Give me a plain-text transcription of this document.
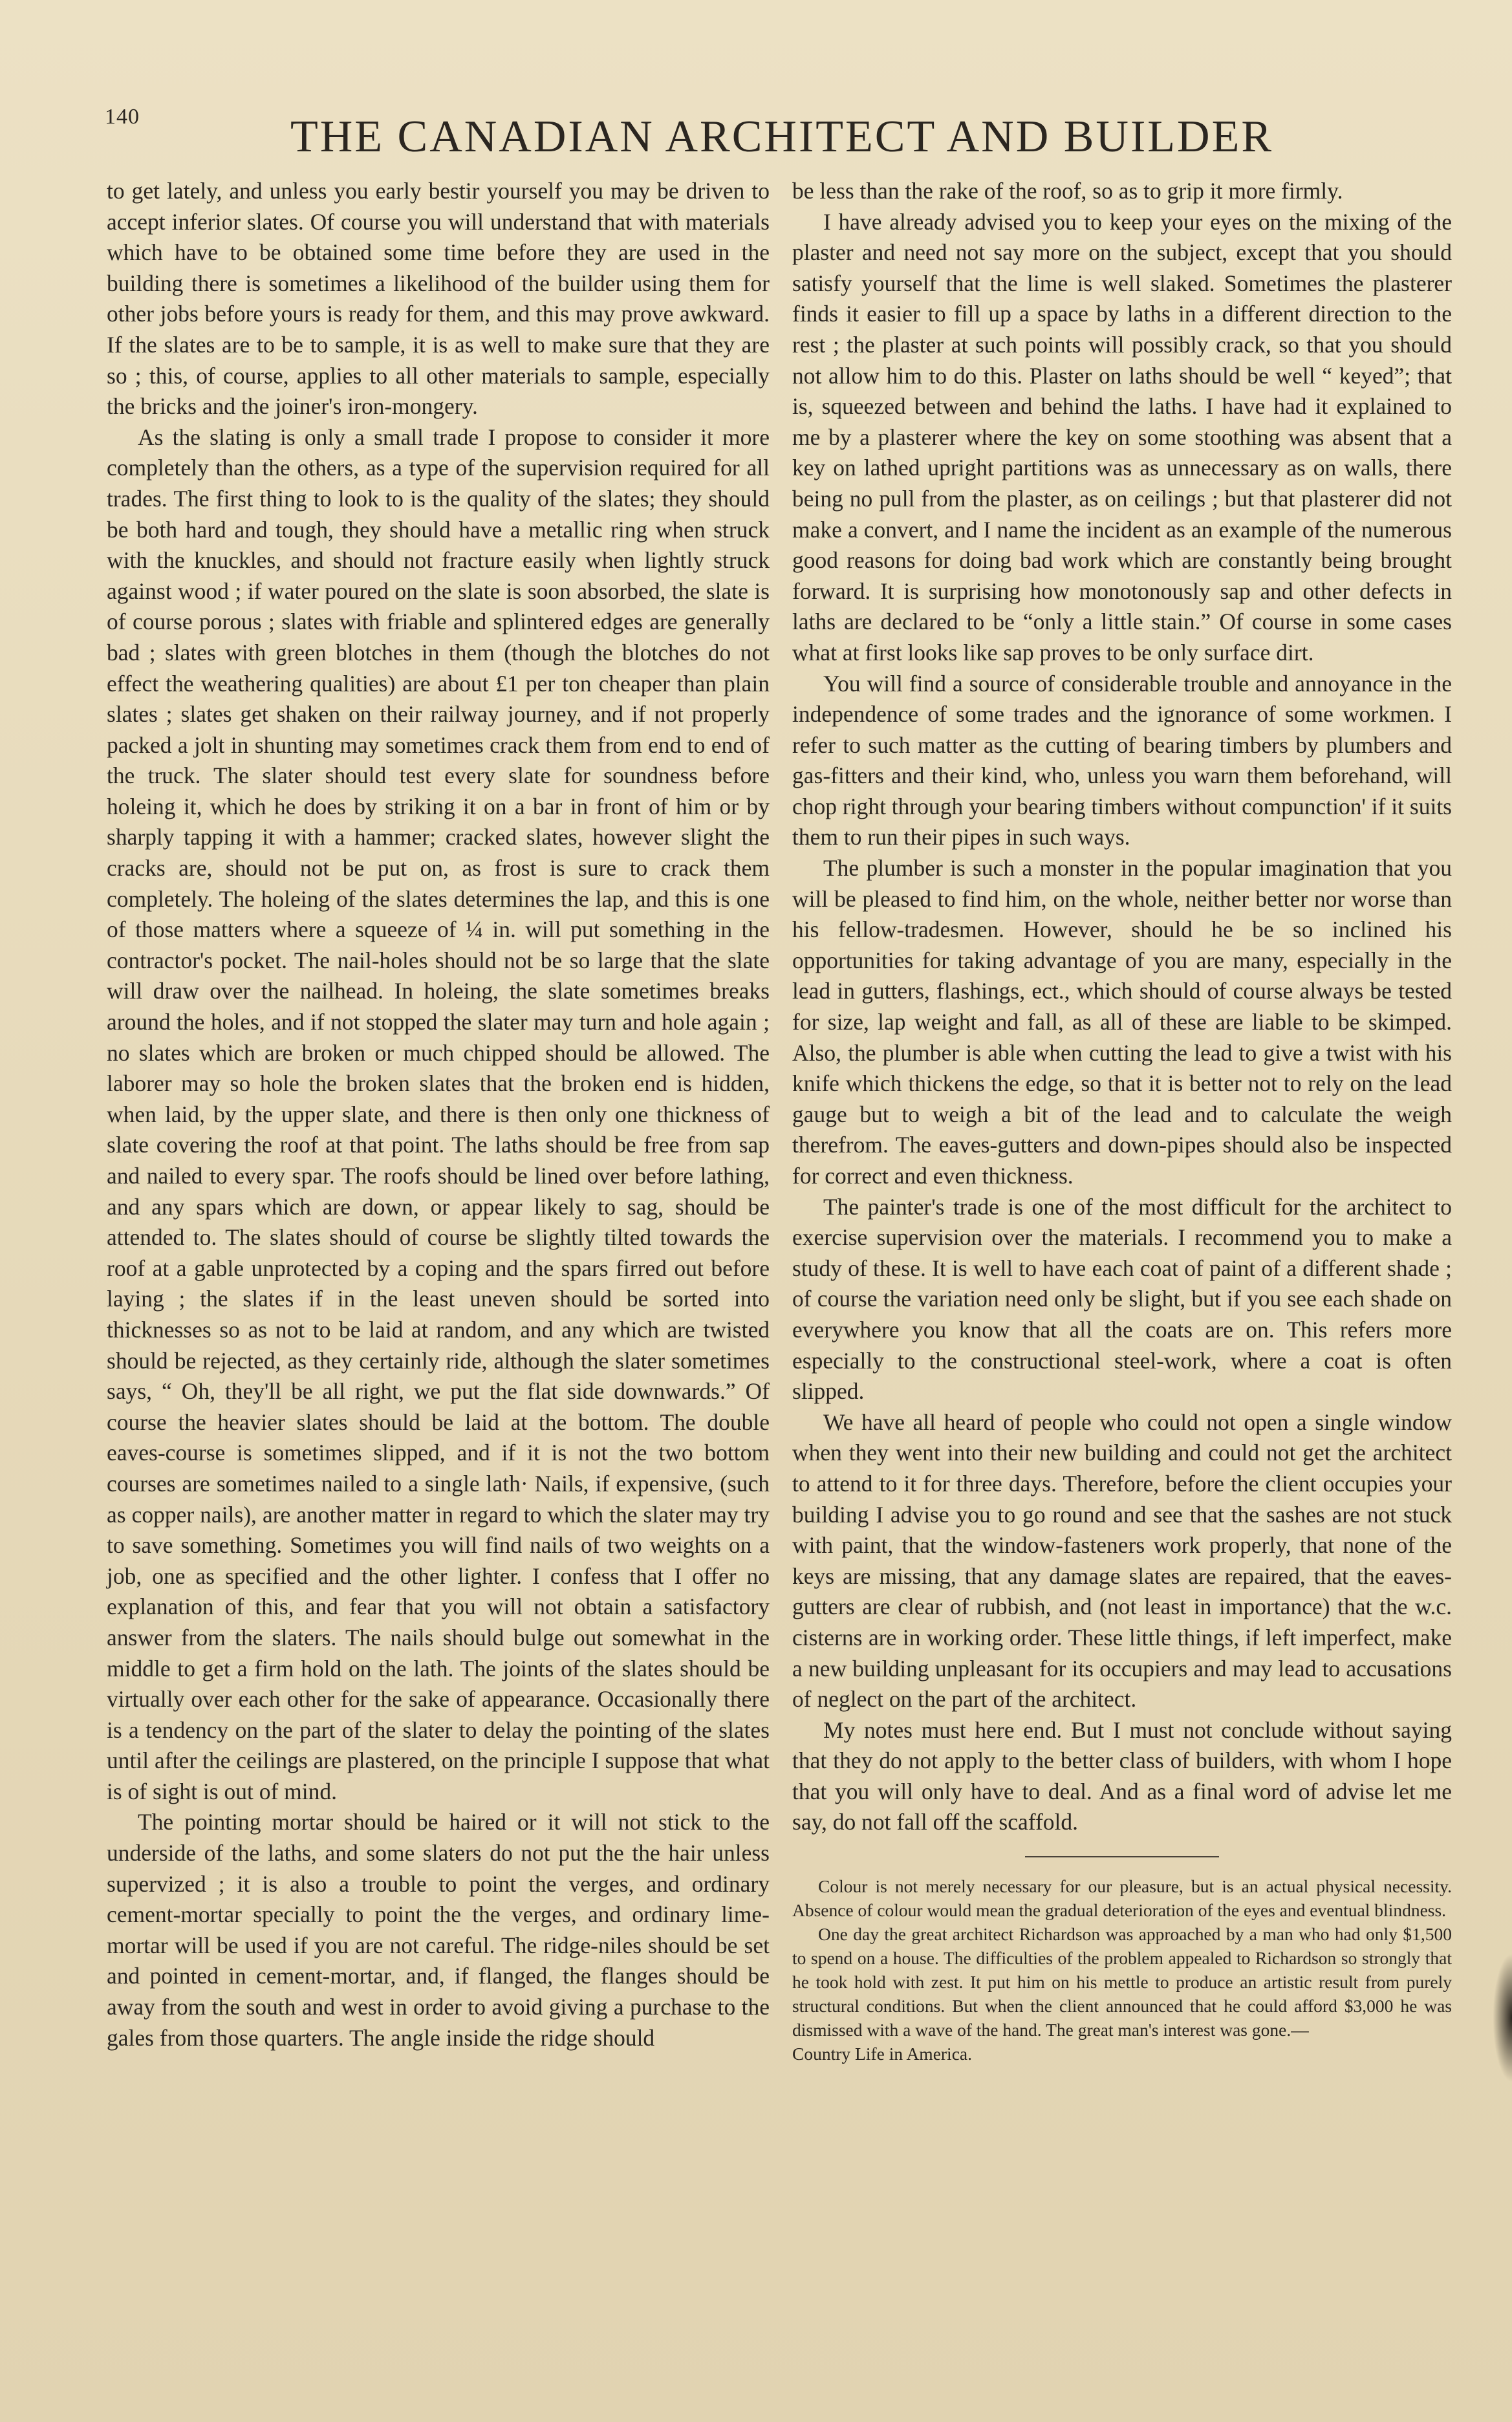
140	THE CANADIAN ARCHITECT AND BUILDER

to get lately, and unless you early bestir yourself you may be driven to accept inferior slates. Of course you will understand that with materials which have to be obtained some time before they are used in the building there is sometimes a likelihood of the builder using them for other jobs before yours is ready for them, and this may prove awkward. If the slates are to be to sample, it is as well to make sure that they are so ; this, of course, applies to all other materials to sample, especially the bricks and the joiner's iron-mongery.

As the slating is only a small trade I propose to consider it more completely than the others, as a type of the supervision required for all trades. The first thing to look to is the quality of the slates; they should be both hard and tough, they should have a metallic ring when struck with the knuckles, and should not fracture easily when lightly struck against wood ; if water poured on the slate is soon absorbed, the slate is of course porous ; slates with friable and splintered edges are generally bad ; slates with green blotches in them (though the blotches do not effect the weathering qualities) are about £1 per ton cheaper than plain slates ; slates get shaken on their railway journey, and if not properly packed a jolt in shunting may sometimes crack them from end to end of the truck. The slater should test every slate for soundness before holeing it, which he does by striking it on a bar in front of him or by sharply tapping it with a hammer; cracked slates, however slight the cracks are, should not be put on, as frost is sure to crack them completely. The holeing of the slates determines the lap, and this is one of those matters where a squeeze of ¼ in. will put something in the contractor's pocket. The nail-holes should not be so large that the slate will draw over the nailhead. In holeing, the slate sometimes breaks around the holes, and if not stopped the slater may turn and hole again ; no slates which are broken or much chipped should be allowed. The laborer may so hole the broken slates that the broken end is hidden, when laid, by the upper slate, and there is then only one thickness of slate covering the roof at that point. The laths should be free from sap and nailed to every spar. The roofs should be lined over before lathing, and any spars which are down, or appear likely to sag, should be attended to. The slates should of course be slightly tilted towards the roof at a gable unprotected by a coping and the spars firred out before laying ; the slates if in the least uneven should be sorted into thicknesses so as not to be laid at random, and any which are twisted should be rejected, as they certainly ride, although the slater sometimes says, “ Oh, they'll be all right, we put the flat side downwards.” Of course the heavier slates should be laid at the bottom. The double eaves-course is sometimes slipped, and if it is not the two bottom courses are sometimes nailed to a single lath· Nails, if expensive, (such as copper nails), are another matter in regard to which the slater may try to save something. Sometimes you will find nails of two weights on a job, one as specified and the other lighter. I confess that I offer no explanation of this, and fear that you will not obtain a satisfactory answer from the slaters. The nails should bulge out somewhat in the middle to get a firm hold on the lath. The joints of the slates should be virtually over each other for the sake of appearance. Occasionally there is a tendency on the part of the slater to delay the pointing of the slates until after the ceilings are plastered, on the principle I suppose that what is of sight is out of mind.

The pointing mortar should be haired or it will not stick to the underside of the laths, and some slaters do not put the the hair unless supervized ; it is also a trouble to point the verges, and ordinary cement-mortar specially to point the the verges, and ordinary lime-mortar will be used if you are not careful. The ridge-niles should be set and pointed in cement-mortar, and, if flanged, the flanges should be away from the south and west in order to avoid giving a purchase to the gales from those quarters. The angle inside the ridge should

be less than the rake of the roof, so as to grip it more firmly.

I have already advised you to keep your eyes on the mixing of the plaster and need not say more on the subject, except that you should satisfy yourself that the lime is well slaked. Sometimes the plasterer finds it easier to fill up a space by laths in a different direction to the rest ; the plaster at such points will possibly crack, so that you should not allow him to do this. Plaster on laths should be well “ keyed”; that is, squeezed between and behind the laths. I have had it explained to me by a plasterer where the key on some stoothing was absent that a key on lathed upright partitions was as unnecessary as on walls, there being no pull from the plaster, as on ceilings ; but that plasterer did not make a convert, and I name the incident as an example of the numerous good reasons for doing bad work which are constantly being brought forward. It is surprising how monotonously sap and other defects in laths are declared to be “only a little stain.” Of course in some cases what at first looks like sap proves to be only surface dirt.

You will find a source of considerable trouble and annoyance in the independence of some trades and the ignorance of some workmen. I refer to such matter as the cutting of bearing timbers by plumbers and gas-fitters and their kind, who, unless you warn them beforehand, will chop right through your bearing timbers without compunction' if it suits them to run their pipes in such ways.

The plumber is such a monster in the popular imagination that you will be pleased to find him, on the whole, neither better nor worse than his fellow-tradesmen. However, should he be so inclined his opportunities for taking advantage of you are many, especially in the lead in gutters, flashings, ect., which should of course always be tested for size, lap weight and fall, as all of these are liable to be skimped. Also, the plumber is able when cutting the lead to give a twist with his knife which thickens the edge, so that it is better not to rely on the lead gauge but to weigh a bit of the lead and to calculate the weigh therefrom. The eaves-gutters and down-pipes should also be inspected for correct and even thickness.

The painter's trade is one of the most difficult for the architect to exercise supervision over the materials. I recommend you to make a study of these. It is well to have each coat of paint of a different shade ; of course the variation need only be slight, but if you see each shade on everywhere you know that all the coats are on. This refers more especially to the constructional steel-work, where a coat is often slipped.

We have all heard of people who could not open a single window when they went into their new building and could not get the architect to attend to it for three days. Therefore, before the client occupies your building I advise you to go round and see that the sashes are not stuck with paint, that the window-fasteners work properly, that none of the keys are missing, that any damage slates are repaired, that the eaves-gutters are clear of rubbish, and (not least in importance) that the w.c. cisterns are in working order. These little things, if left imperfect, make a new building unpleasant for its occupiers and may lead to accusations of neglect on the part of the architect.

My notes must here end. But I must not conclude without saying that they do not apply to the better class of builders, with whom I hope that you will only have to deal. And as a final word of advise let me say, do not fall off the scaffold.

Colour is not merely necessary for our pleasure, but is an actual physical necessity. Absence of colour would mean the gradual deterioration of the eyes and eventual blindness.

One day the great architect Richardson was approached by a man who had only $1,500 to spend on a house. The difficulties of the problem appealed to Richardson so strongly that he took hold with zest. It put him on his mettle to produce an artistic result from purely structural conditions. But when the client announced that he could afford $3,000 he was dismissed with a wave of the hand. The great man's interest was gone.—

Country Life in America.
